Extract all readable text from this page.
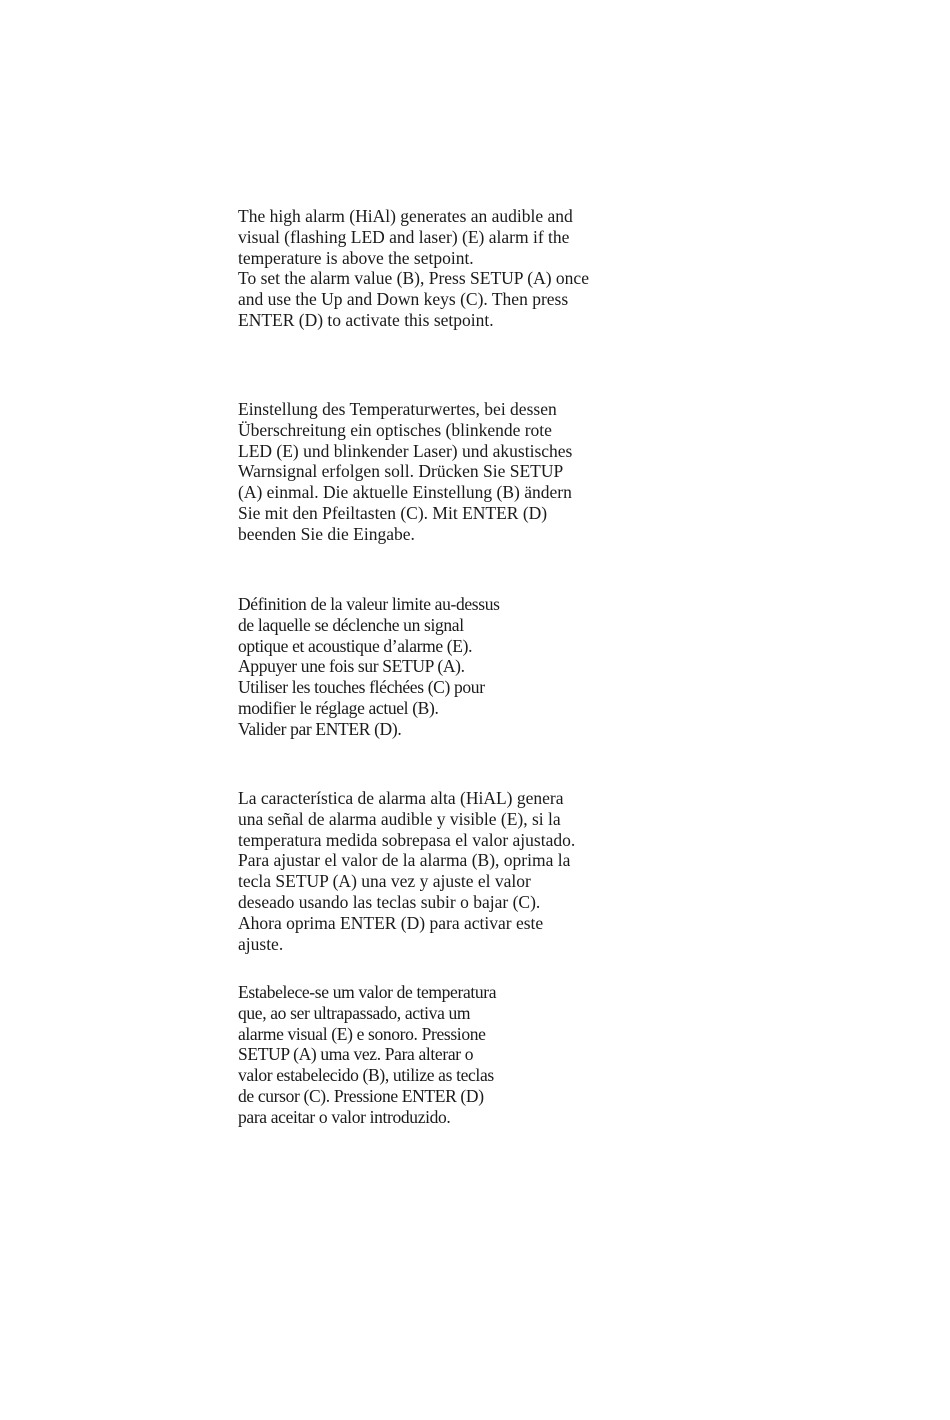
The high alarm (HiAl) generates an audible and
visual (flashing LED and laser) (E) alarm if the
temperature is above the setpoint.
To set the alarm value (B), Press SETUP (A) once
and use the Up and Down keys (C). Then press
ENTER (D) to activate this setpoint.
Einstellung des Temperaturwertes, bei dessen
Überschreitung ein optisches (blinkende rote
LED (E) und blinkender Laser) und akustisches
Warnsignal erfolgen soll. Drücken Sie SETUP
(A) einmal. Die aktuelle Einstellung (B) ändern
Sie mit den Pfeiltasten (C). Mit ENTER (D)
beenden Sie die Eingabe.
Définition de la valeur limite au-dessus
de laquelle se déclenche un signal
optique et acoustique d’alarme (E).
Appuyer une fois sur SETUP (A).
Utiliser les touches fléchées (C) pour
modifier le réglage actuel (B).
Valider par ENTER (D).
La característica de alarma alta (HiAL) genera
una señal de alarma audible y visible (E), si la
temperatura medida sobrepasa el valor ajustado.
Para ajustar el valor de la alarma (B), oprima la
tecla SETUP (A) una vez y ajuste el valor
deseado usando las teclas subir o bajar (C).
Ahora oprima ENTER (D) para activar este
ajuste.
Estabelece-se um valor de temperatura
que, ao ser ultrapassado, activa um
alarme visual (E) e sonoro. Pressione
SETUP (A) uma vez. Para alterar o
valor estabelecido (B), utilize as teclas
de cursor (C). Pressione ENTER (D)
para aceitar o valor introduzido.
